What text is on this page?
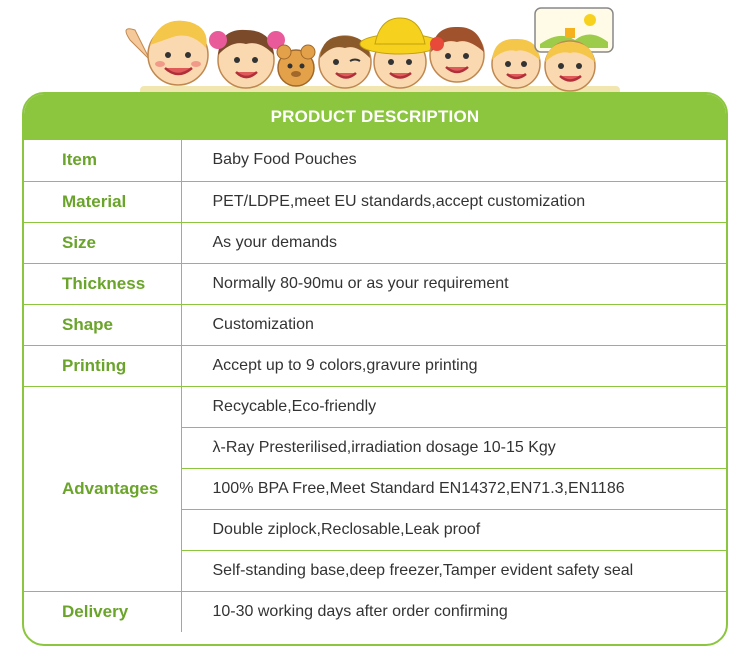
PRODUCT DESCRIPTION
Item	Baby Food Pouches
Material	PET/LDPE,meet EU standards,accept customization
Size	As your demands
Thickness	Normally 80-90mu or as your requirement
Shape	Customization
Printing	Accept up to 9 colors,gravure printing
Advantages	Recycable,Eco-friendly
	λ-Ray Presterilised,irradiation dosage 10-15 Kgy
	100% BPA Free,Meet Standard EN14372,EN71.3,EN1186
	Double ziplock,Reclosable,Leak proof
	Self-standing base,deep freezer,Tamper evident safety seal
Delivery	10-30 working days after order confirming
